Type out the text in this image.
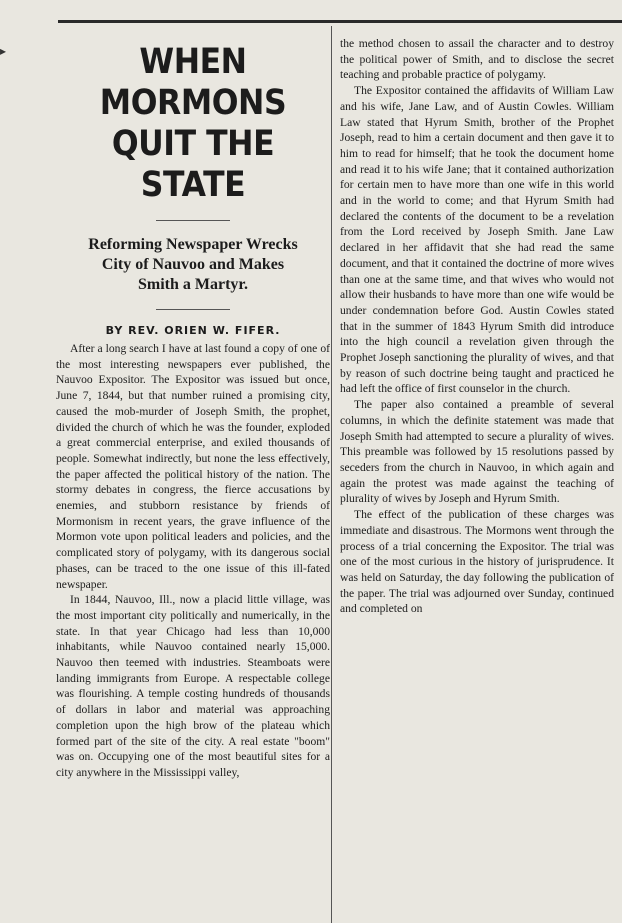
▸	WHEN MORMONS
QUIT THE STATE
Reforming Newspaper Wrecks
City of Nauvoo and Makes
Smith a Martyr.
BY REV. ORIEN W. FIFER.

After a long search I have at last found a copy of one of the most interesting newspapers ever published, the Nauvoo Expositor. The Expositor was issued but once, June 7, 1844, but that number ruined a promising city, caused the mob-murder of Joseph Smith, the prophet, divided the church of which he was the founder, exploded a great commercial enterprise, and exiled thousands of people. Somewhat indirectly, but none the less effectively, the paper affected the political history of the nation. The stormy debates in congress, the fierce accusations by enemies, and stubborn resistance by friends of Mormonism in recent years, the grave influence of the Mormon vote upon political leaders and policies, and the complicated story of polygamy, with its dangerous social phases, can be traced to the one issue of this ill-fated newspaper.

In 1844, Nauvoo, Ill., now a placid little village, was the most important city politically and numerically, in the state. In that year Chicago had less than 10,000 inhabitants, while Nauvoo contained nearly 15,000. Nauvoo then teemed with industries. Steamboats were landing immigrants from Europe. A respectable college was flourishing. A temple costing hundreds of thousands of dollars in labor and material was approaching completion upon the high brow of the plateau which formed part of the site of the city. A real estate "boom" was on. Occupying one of the most beautiful sites for a city anywhere in the Mississippi valley,

the method chosen to assail the character and to destroy the political power of Smith, and to disclose the secret teaching and probable practice of polygamy.

The Expositor contained the affidavits of William Law and his wife, Jane Law, and of Austin Cowles. William Law stated that Hyrum Smith, brother of the Prophet Joseph, read to him a certain document and then gave it to him to read for himself; that he took the document home and read it to his wife Jane; that it contained authorization for certain men to have more than one wife in this world and in the world to come; and that Hyrum Smith had declared the contents of the document to be a revelation from the Lord received by Joseph Smith. Jane Law declared in her affidavit that she had read the same document, and that it contained the doctrine of more wives than one at the same time, and that wives who would not allow their husbands to have more than one wife would be under condemnation before God. Austin Cowles stated that in the summer of 1843 Hyrum Smith did introduce into the high council a revelation given through the Prophet Joseph sanctioning the plurality of wives, and that by reason of such doctrine being taught and practiced he had left the office of first counselor in the church.

The paper also contained a preamble of several columns, in which the definite statement was made that Joseph Smith had attempted to secure a plurality of wives. This preamble was followed by 15 resolutions passed by seceders from the church in Nauvoo, in which again and again the protest was made against the teaching of plurality of wives by Joseph and Hyrum Smith.

The effect of the publication of these charges was immediate and disastrous. The Mormons went through the process of a trial concerning the Expositor. The trial was one of the most curious in the history of jurisprudence. It was held on Saturday, the day following the publication of the paper. The trial was adjourned over Sunday, continued and completed on
